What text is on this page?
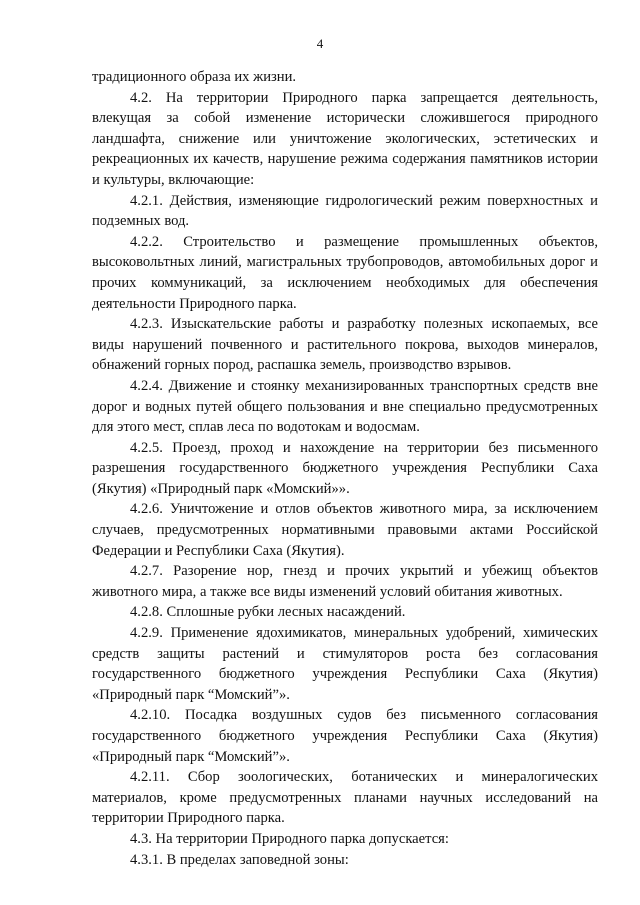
4

традиционного образа их жизни.

4.2. На территории Природного парка запрещается деятельность, влекущая за собой изменение исторически сложившегося природного ландшафта, снижение или уничтожение экологических, эстетических и рекреационных их качеств, нарушение режима содержания памятников истории и культуры, включающие:

4.2.1. Действия, изменяющие гидрологический режим поверхностных и подземных вод.

4.2.2. Строительство и размещение промышленных объектов, высоковольтных линий, магистральных трубопроводов, автомобильных дорог и прочих коммуникаций, за исключением необходимых для обеспечения деятельности Природного парка.

4.2.3. Изыскательские работы и разработку полезных ископаемых, все виды нарушений почвенного и растительного покрова, выходов минералов, обнажений горных пород, распашка земель, производство взрывов.

4.2.4. Движение и стоянку механизированных транспортных средств вне дорог и водных путей общего пользования и вне специально предусмотренных для этого мест, сплав леса по водотокам и водосмам.

4.2.5. Проезд, проход и нахождение на территории без письменного разрешения государственного бюджетного учреждения Республики Саха (Якутия) «Природный парк «Момский»».

4.2.6. Уничтожение и отлов объектов животного мира, за исключением случаев, предусмотренных нормативными правовыми актами Российской Федерации и Республики Саха (Якутия).

4.2.7. Разорение нор, гнезд и прочих укрытий и убежищ объектов животного мира, а также все виды изменений условий обитания животных.

4.2.8. Сплошные рубки лесных насаждений.

4.2.9. Применение ядохимикатов, минеральных удобрений, химических средств защиты растений и стимуляторов роста без согласования государственного бюджетного учреждения Республики Саха (Якутия) «Природный парк “Момский”».

4.2.10. Посадка воздушных судов без письменного согласования государственного бюджетного учреждения Республики Саха (Якутия) «Природный парк “Момский”».

4.2.11. Сбор зоологических, ботанических и минералогических материалов, кроме предусмотренных планами научных исследований на территории Природного парка.

4.3. На территории Природного парка допускается:

4.3.1. В пределах заповедной зоны:
